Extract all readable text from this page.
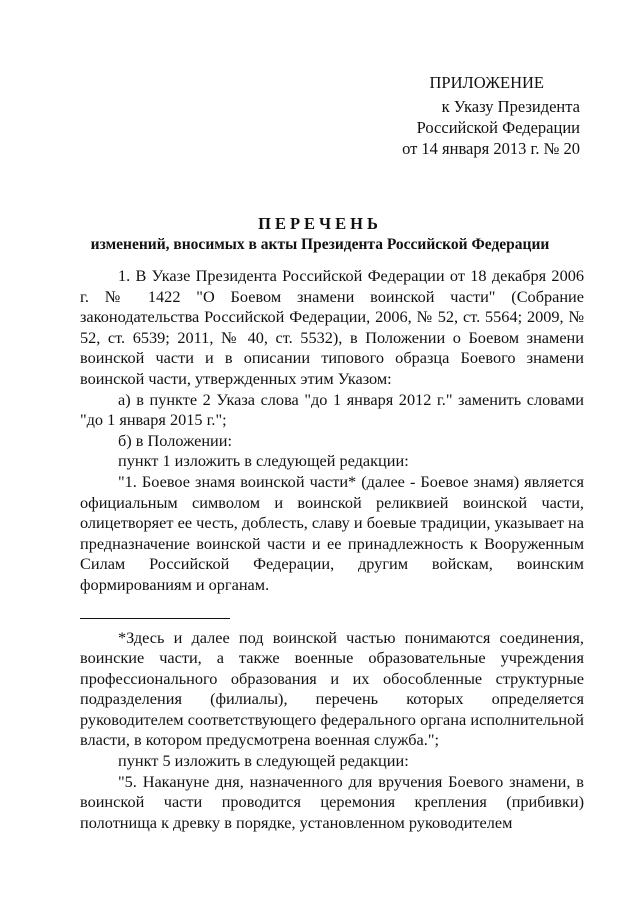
ПРИЛОЖЕНИЕ
к Указу Президента
Российской Федерации
от 14 января 2013 г. № 20
ПЕРЕЧЕНЬ
изменений, вносимых в акты Президента Российской Федерации

1. В Указе Президента Российской Федерации от 18 декабря 2006 г. № 1422 "О Боевом знамени воинской части" (Собрание законодательства Российской Федерации, 2006, № 52, ст. 5564; 2009, № 52, ст. 6539; 2011, № 40, ст. 5532), в Положении о Боевом знамени воинской части и в описании типового образца Боевого знамени воинской части, утвержденных этим Указом:

а) в пункте 2 Указа слова "до 1 января 2012 г." заменить словами "до 1 января 2015 г.";

б) в Положении:

пункт 1 изложить в следующей редакции:

"1. Боевое знамя воинской части* (далее - Боевое знамя) является официальным символом и воинской реликвией воинской части, олицетворяет ее честь, доблесть, славу и боевые традиции, указывает на предназначение воинской части и ее принадлежность к Вооруженным Силам Российской Федерации, другим войскам, воинским формированиям и органам.

*Здесь и далее под воинской частью понимаются соединения, воинские части, а также военные образовательные учреждения профессионального образования и их обособленные структурные подразделения (филиалы), перечень которых определяется руководителем соответствующего федерального органа исполнительной власти, в котором предусмотрена военная служба.";

пункт 5 изложить в следующей редакции:

"5. Накануне дня, назначенного для вручения Боевого знамени, в воинской части проводится церемония крепления (прибивки) полотнища к древку в порядке, установленном руководителем
